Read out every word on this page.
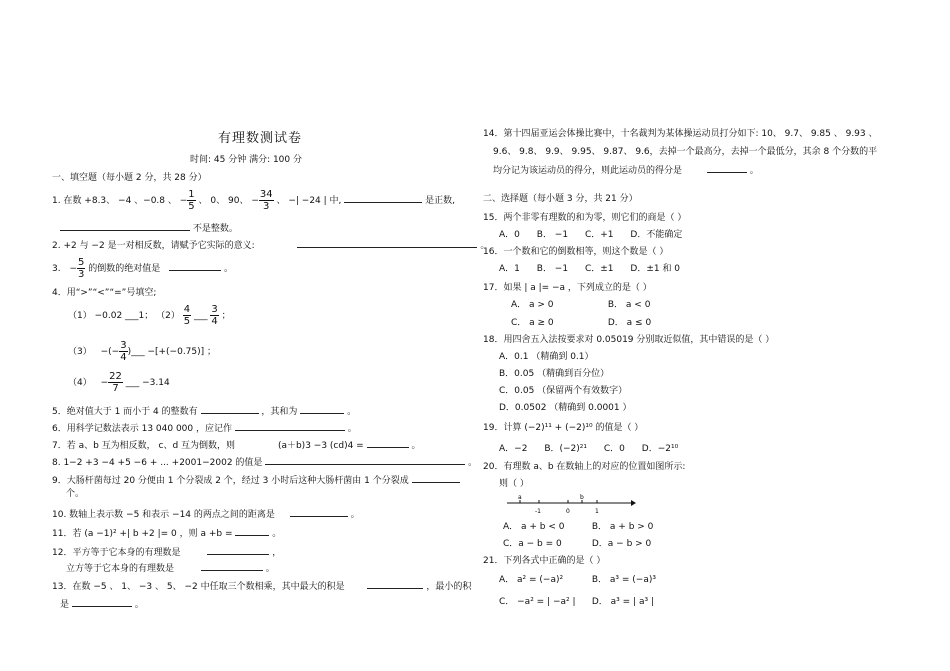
有理数测试卷
时间: 45 分钟 满分: 100 分
一、填空题（每小题 2 分，共 28 分）
1. 在数 +8.3、 −4 、−0.8 、 − $\frac{1}{5}$ 、 0、 90、 − $\frac{34}{3}$ 、 −| −24 | 中,	是正数,
不是整数。
2. +2 与 −2 是一对相反数，请赋予它实际的意义:	。
3. − $\frac{5}{3}$ 的倒数的绝对值是	。
4．用“>”“<”“=”号填空;
（1） −0.02 ___1； $(2) \frac{4}{5}$ ___ $\frac{3}{4}$ ；
（3） −(− $\frac{3}{4}$ )___ −[+(−0.75)] ；
$(4) - \frac{22}{7}$ ___ −3.14
5．绝对值大于 1 而小于 4 的整数有	，其和为	。
6．用科学记数法表示 13 040 000 ，应记作	。
7．若 a、b 互为相反数， c、d 互为倒数，则	(a＋b)3 −3 (cd)4 =	。
8. 1−2 +3 −4 +5 −6 + ... +2001−2002 的值是	。
9．大肠杆菌每过 20 分便由 1 个分裂成 2 个，经过 3 小时后这种大肠杆菌由 1 个分裂成
个。
10. 数轴上表示数 −5 和表示 −14 的两点之间的距离是	。
11．若 (a −1)² +| b +2 |= 0 ，则 a +b =	。
12．平方等于它本身的有理数是	，
立方等于它本身的有理数是	。
13．在数 −5 、 1、 −3 、 5、 −2 中任取三个数相乘，其中最大的积是	，最小的积
是	。
14．第十四届亚运会体操比赛中，十名裁判为某体操运动员打分如下: 10、 9.7、 9.85 、 9.93 、
9.6、 9.8、 9.9、 9.95、 9.87、 9.6，去掉一个最高分，去掉一个最低分，其余 8 个分数的平
均分记为该运动员的得分，则此运动员的得分是	。
二、选择题（每小题 3 分，共 21 分）
15．两个非零有理数的和为零，则它们的商是（ ）
A．0 B． −1 C．+1 D．不能确定
16．一个数和它的倒数相等，则这个数是（ ）
A．1 B． −1 C．±1 D．±1 和 0
17．如果 | a |= −a ，下列成立的是（ ）
A． a > 0	B． a < 0
C． a ≥ 0	D． a ≤ 0
18．用四舍五入法按要求对 0.05019 分别取近似值，其中错误的是（ ）
A．0.1 （精确到 0.1）
B．0.05 （精确到百分位）
C．0.05 （保留两个有效数字）
D．0.0502 （精确到 0.0001 ）
19．计算 (−2)¹¹ + (−2)¹⁰ 的值是（ ）
A．−2 B．(−2)²¹ C．0 D．−2¹⁰
20．有理数 a、b 在数轴上的对应的位置如图所示:
则（ ）
a	b
-1	0	1
A． a + b < 0	B． a + b > 0
C．a − b = 0	D．a − b > 0
21．下列各式中正确的是（ ）
A． a² = (−a)²	B． a³ = (−a)³
C． −a² = | −a² | D． a³ = | a³ |
